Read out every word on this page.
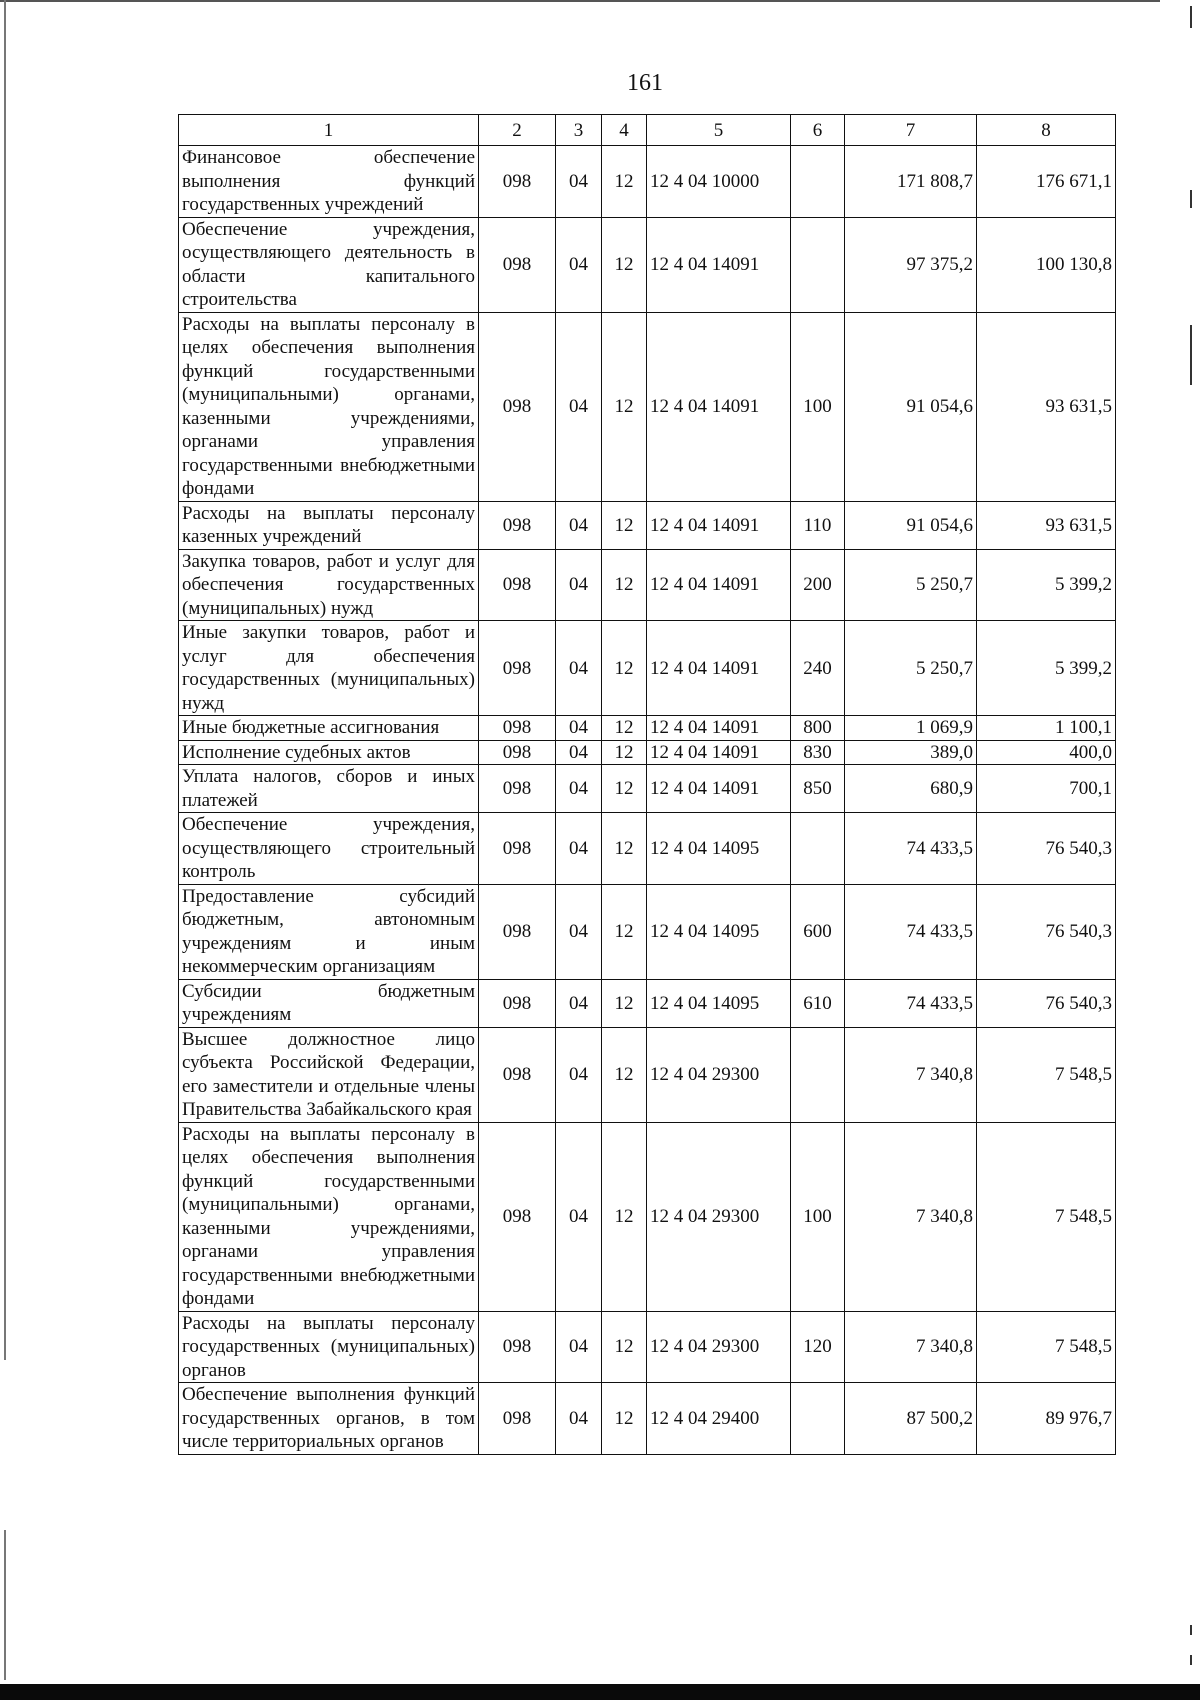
161
1	2	3	4	5	6	7	8
Финансовое обеспечение выполнения функций государственных учреждений	098	04	12	12 4 04 10000		171 808,7	176 671,1
Обеспечение учреждения, осуществляющего деятельность в области капитального строительства	098	04	12	12 4 04 14091		97 375,2	100 130,8
Расходы на выплаты персоналу в целях обеспечения выполнения функций государственными (муниципальными) органами, казенными учреждениями, органами управления государственными внебюджетными фондами	098	04	12	12 4 04 14091	100	91 054,6	93 631,5
Расходы на выплаты персоналу казенных учреждений	098	04	12	12 4 04 14091	110	91 054,6	93 631,5
Закупка товаров, работ и услуг для обеспечения государственных (муниципальных) нужд	098	04	12	12 4 04 14091	200	5 250,7	5 399,2
Иные закупки товаров, работ и услуг для обеспечения государственных (муниципальных) нужд	098	04	12	12 4 04 14091	240	5 250,7	5 399,2
Иные бюджетные ассигнования	098	04	12	12 4 04 14091	800	1 069,9	1 100,1
Исполнение судебных актов	098	04	12	12 4 04 14091	830	389,0	400,0
Уплата налогов, сборов и иных платежей	098	04	12	12 4 04 14091	850	680,9	700,1
Обеспечение учреждения, осуществляющего строительный контроль	098	04	12	12 4 04 14095		74 433,5	76 540,3
Предоставление субсидий бюджетным, автономным учреждениям и иным некоммерческим организациям	098	04	12	12 4 04 14095	600	74 433,5	76 540,3
Субсидии бюджетным учреждениям	098	04	12	12 4 04 14095	610	74 433,5	76 540,3
Высшее должностное лицо субъекта Российской Федерации, его заместители и отдельные члены Правительства Забайкальского края	098	04	12	12 4 04 29300		7 340,8	7 548,5
Расходы на выплаты персоналу в целях обеспечения выполнения функций государственными (муниципальными) органами, казенными учреждениями, органами управления государственными внебюджетными фондами	098	04	12	12 4 04 29300	100	7 340,8	7 548,5
Расходы на выплаты персоналу государственных (муниципальных) органов	098	04	12	12 4 04 29300	120	7 340,8	7 548,5
Обеспечение выполнения функций государственных органов, в том числе территориальных органов	098	04	12	12 4 04 29400		87 500,2	89 976,7
